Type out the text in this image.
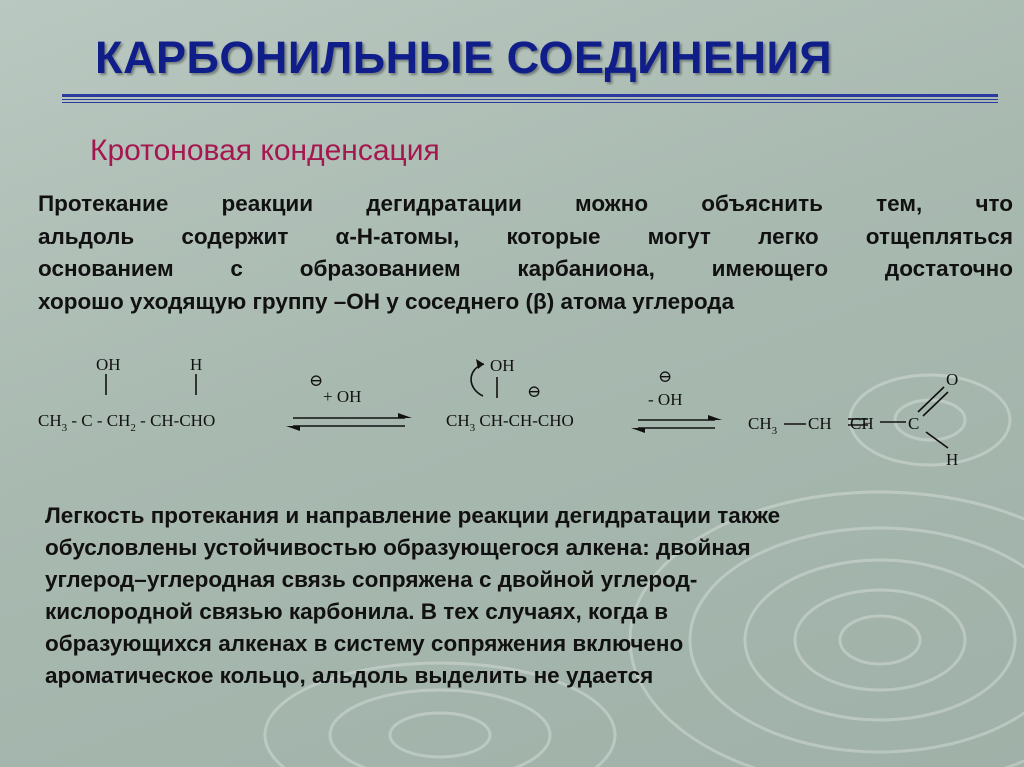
КАРБОНИЛЬНЫЕ СОЕДИНЕНИЯ
Кротоновая конденсация

Протекание реакции дегидратации можно объяснить тем, что
альдоль содержит α-Н-атомы, которые могут легко отщепляться
основанием с образованием карбаниона, имеющего достаточно
хорошо уходящую группу –ОН у соседнего (β) атома углерода

OH	H
$CH_3$ - C - $CH_2 - CH-CHO$
⊖
+ OH
OH
⊖
$CH_3$ CH-CH-CHO
⊖
- OH
$CH_3$ CH CH C
O
H

Легкость протекания и направление реакции дегидратации также
обусловлены устойчивостью образующегося алкена: двойная
углерод–углеродная связь сопряжена с двойной углерод-
кислородной связью карбонила. В тех случаях, когда в
образующихся алкенах в систему сопряжения включено
ароматическое кольцо, альдоль выделить не удается
